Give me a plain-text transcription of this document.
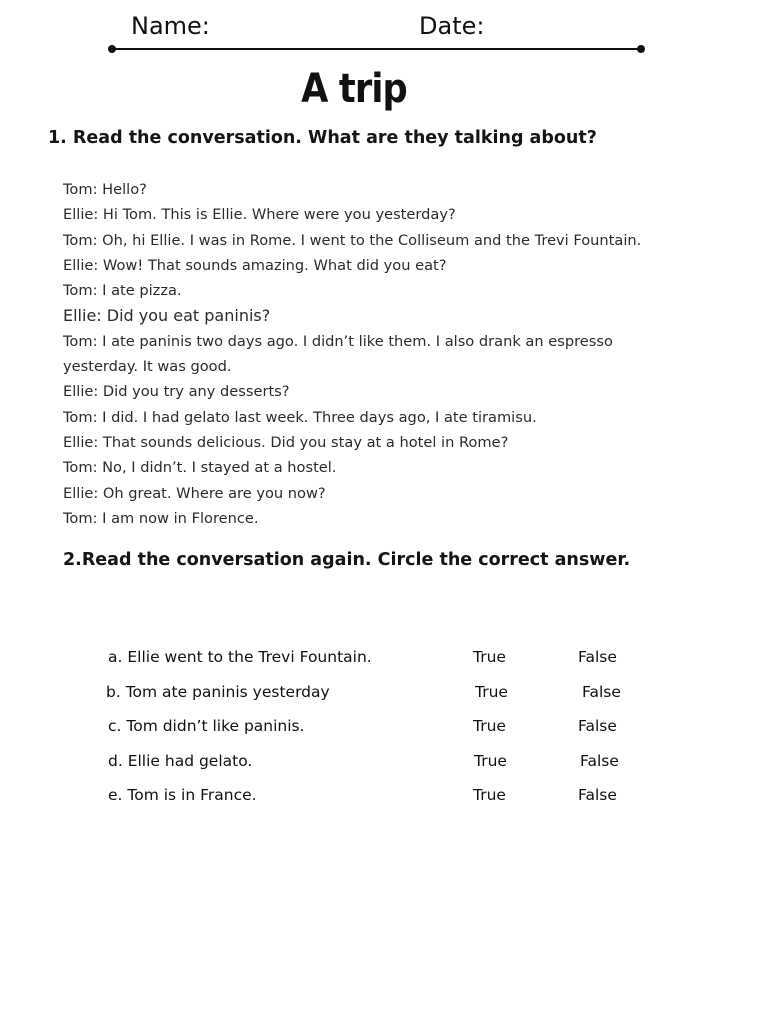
Name:	Date:
A trip
1. Read the conversation. What are they talking about?
Tom: Hello?
Ellie: Hi Tom. This is Ellie. Where were you yesterday?
Tom: Oh, hi Ellie. I was in Rome. I went to the Colliseum and the Trevi Fountain.
Ellie: Wow! That sounds amazing. What did you eat?
Tom: I ate pizza.
Ellie: Did you eat paninis?
Tom: I ate paninis two days ago. I didn’t like them. I also drank an espresso yesterday. It was good.
Ellie: Did you try any desserts?
Tom: I did. I had gelato last week. Three days ago, I ate tiramisu.
Ellie: That sounds delicious. Did you stay at a hotel in Rome?
Tom: No, I didn’t. I stayed at a hostel.
Ellie: Oh great. Where are you now?
Tom: I am now in Florence.
2.Read the conversation again. Circle the correct answer.
a. Ellie went to the Trevi Fountain.	True	False
b. Tom ate paninis yesterday	True	False
c. Tom didn’t like paninis.	True	False
d. Ellie had gelato.	True	False
e. Tom is in France.	True	False
